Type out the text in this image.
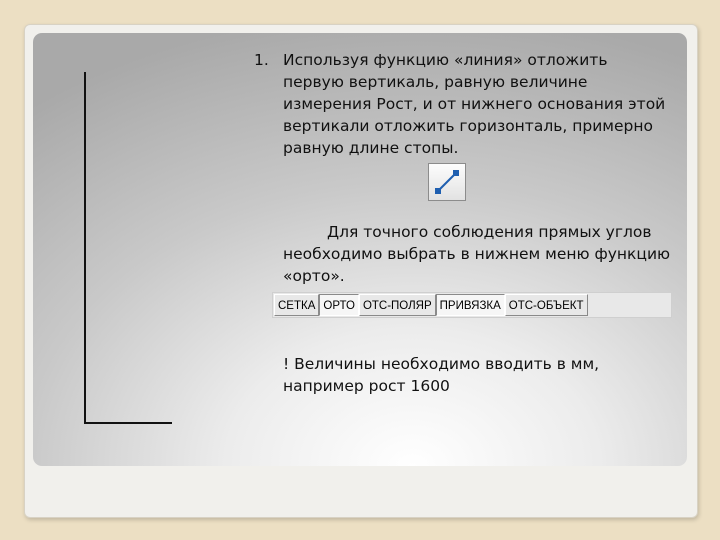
1. Используя функцию «линия» отложить первую вертикаль, равную величине измерения Рост, и от нижнего основания этой вертикали отложить горизонталь, примерно равную длине стопы.
Для точного соблюдения прямых углов необходимо выбрать в нижнем меню функцию «орто».
СЕТКА ОРТО ОТС-ПОЛЯР ПРИВЯЗКА ОТС-ОБЪЕКТ
! Величины необходимо вводить в мм, например рост 1600
